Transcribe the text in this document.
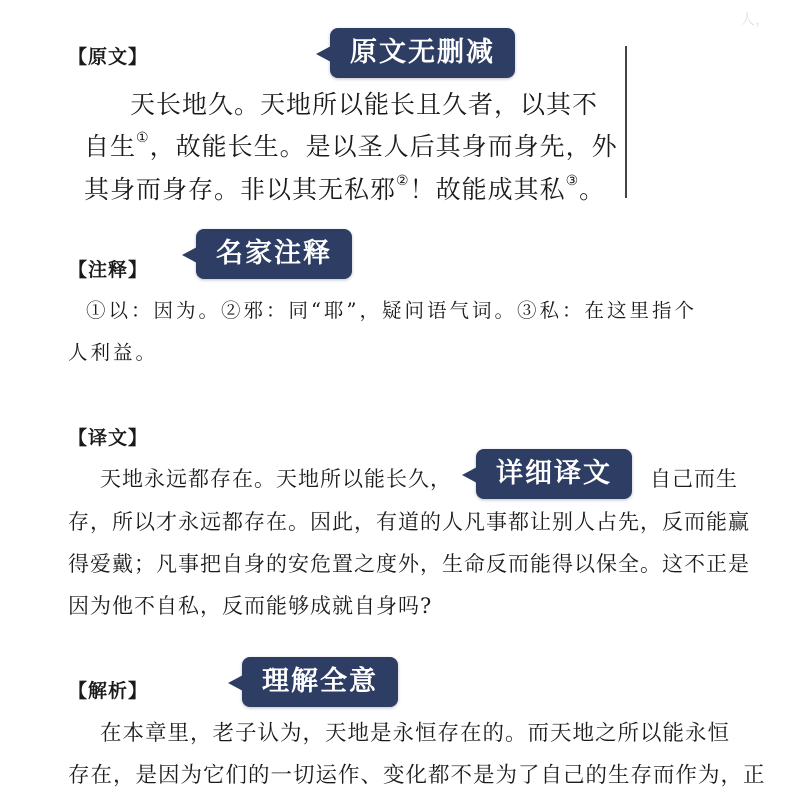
人，
【原文】	原文无删减
天长地久。天地所以能长且久者，以其不
自生①，故能长生。是以圣人后其身而身先，外
其身而身存。非以其无私邪②！故能成其私③。
【注释】
名家注释
①以：因为。②邪：同“耶”，疑问语气词。③私：在这里指个
人利益。
【译文】
天地永远都存在。天地所以能长久，	自己而生
详细译文
存，所以才永远都存在。因此，有道的人凡事都让别人占先，反而能赢
得爱戴；凡事把自身的安危置之度外，生命反而能得以保全。这不正是
因为他不自私，反而能够成就自身吗?
【解析】	理解全意
在本章里，老子认为，天地是永恒存在的。而天地之所以能永恒
存在，是因为它们的一切运作、变化都不是为了自己的生存而作为，正
